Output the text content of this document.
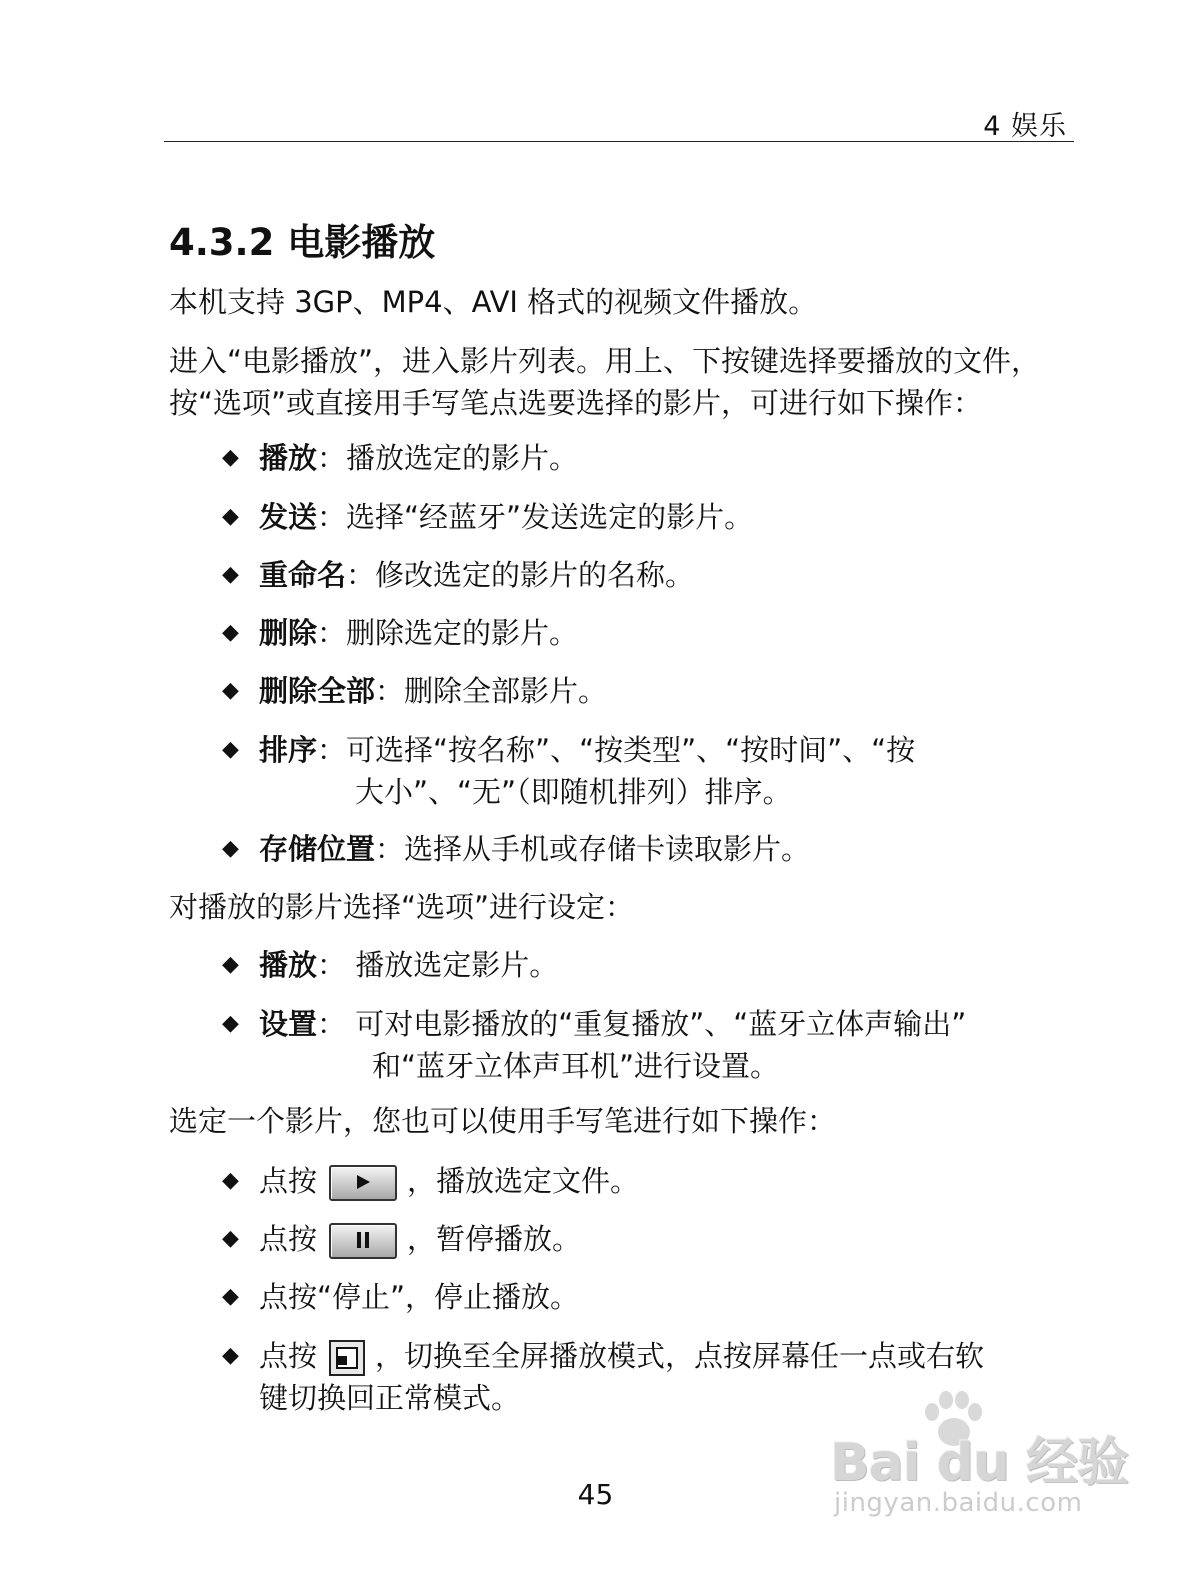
4 娱乐
4.3.2 电影播放

本机支持 3GP、MP4、AVI 格式的视频文件播放。

进入“电影播放”，进入影片列表。用上、下按键选择要播放的文件，
按“选项”或直接用手写笔点选要选择的影片，可进行如下操作：
◆ 播放：播放选定的影片。
◆ 发送：选择“经蓝牙”发送选定的影片。
◆ 重命名：修改选定的影片的名称。
◆ 删除：删除选定的影片。
◆ 删除全部：删除全部影片。
◆ 排序：可选择“按名称”、“按类型”、“按时间”、“按
大小”、“无”（即随机排列）排序。
◆ 存储位置：选择从手机或存储卡读取影片。

对播放的影片选择“选项”进行设定：

◆ 播放： 播放选定影片。
◆ 设置： 可对电影播放的“重复播放”、“蓝牙立体声输出”
和“蓝牙立体声耳机”进行设置。

选定一个影片，您也可以使用手写笔进行如下操作：

◆ 点按	，播放选定文件。
◆ 点按	，暂停播放。
◆ 点按“停止”，停止播放。
◆ 点按 ，切换至全屏播放模式，点按屏幕任一点或右软
键切换回正常模式。
45
Bai du 经验
jingyan.baidu.com
